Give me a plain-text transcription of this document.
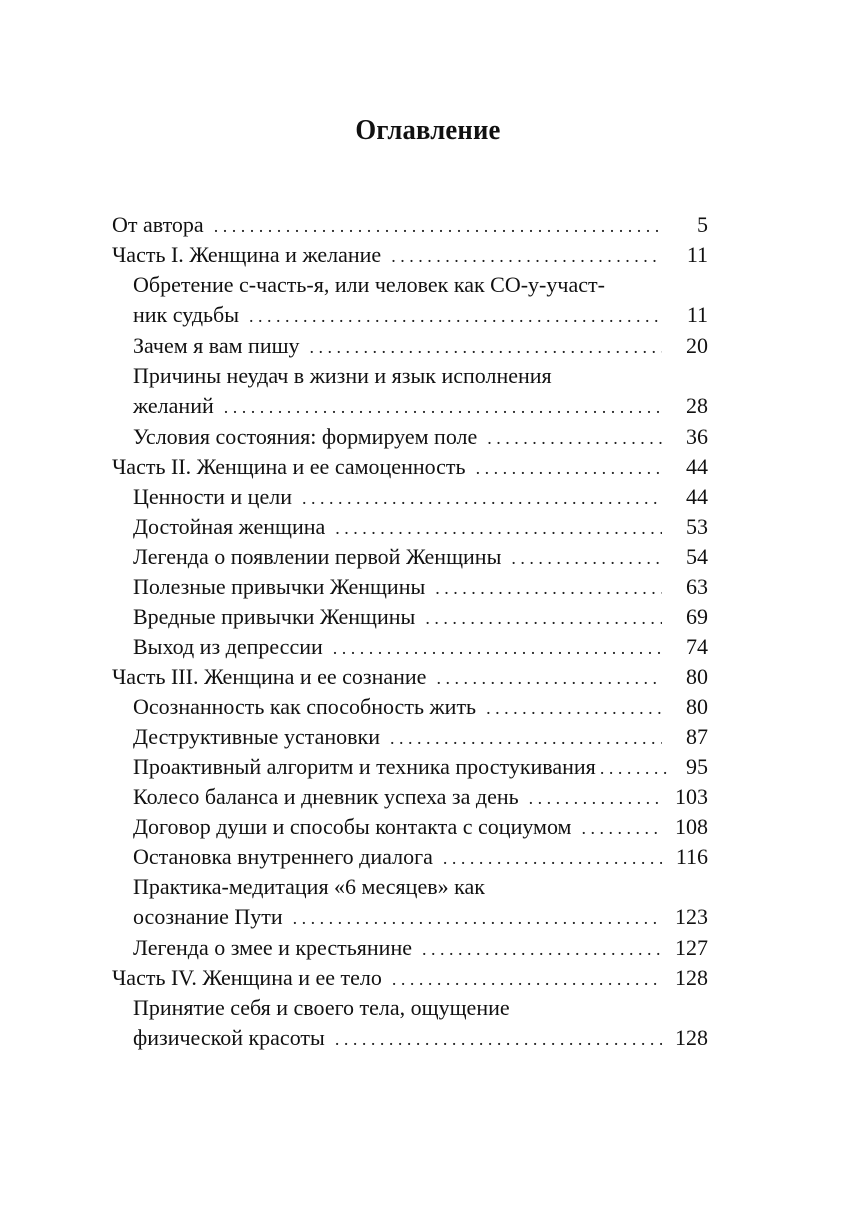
Оглавление
От автора . . .	5
Часть I. Женщина и желание . . .	11
Обретение с-часть-я, или человек как СО-у-участ-
ник судьбы . . .	11
Зачем я вам пишу . . .	20
Причины неудач в жизни и язык исполнения
желаний . . .	28
Условия состояния: формируем поле . . .	36
Часть II. Женщина и ее самоценность . . .	44
Ценности и цели . . .	44
Достойная женщина . . .	53
Легенда о появлении первой Женщины . . .	54
Полезные привычки Женщины . . .	63
Вредные привычки Женщины . . .	69
Выход из депрессии . . .	74
Часть III. Женщина и ее сознание . . .	80
Осознанность как способность жить . . .	80
Деструктивные установки . . .	87
Проактивный алгоритм и техника простукивания . . .	95
Колесо баланса и дневник успеха за день . . .	103
Договор души и способы контакта с социумом . . .	108
Остановка внутреннего диалога . . .	116
Практика-медитация «6 месяцев» как
осознание Пути . . .	123
Легенда о змее и крестьянине . . .	127
Часть IV. Женщина и ее тело . . .	128
Принятие себя и своего тела, ощущение
физической красоты . . .	128
